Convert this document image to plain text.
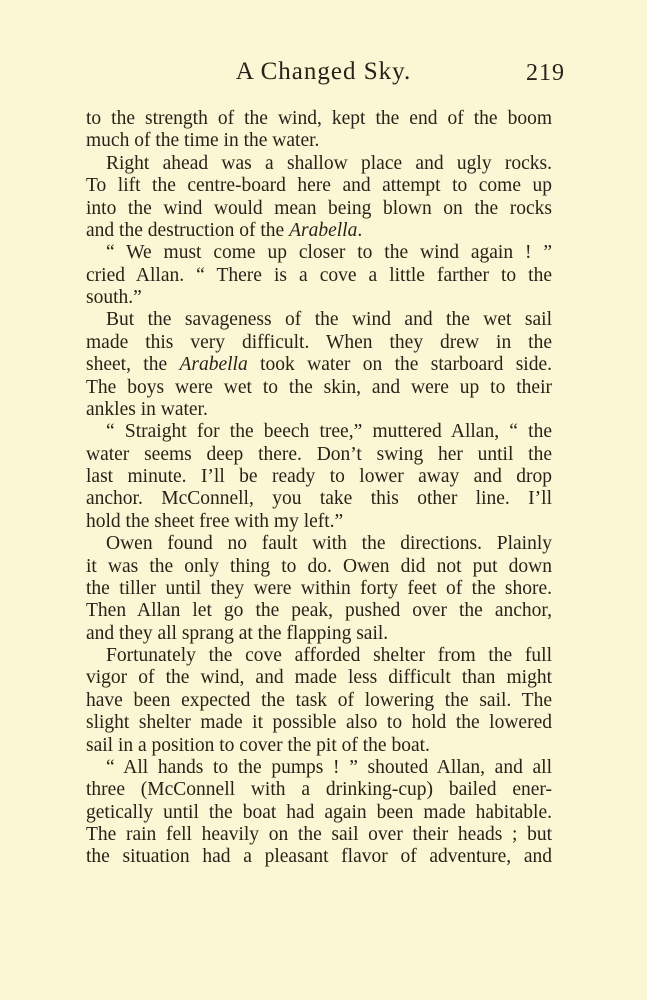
A Changed Sky.	219
to the strength of the wind, kept the end of the boom
much of the time in the water.
Right ahead was a shallow place and ugly rocks.
To lift the centre-board here and attempt to come up
into the wind would mean being blown on the rocks
and the destruction of the Arabella.
“ We must come up closer to the wind again ! ”
cried Allan. “ There is a cove a little farther to the
south.”
But the savageness of the wind and the wet sail
made this very difficult. When they drew in the
sheet, the Arabella took water on the starboard side.
The boys were wet to the skin, and were up to their
ankles in water.
“ Straight for the beech tree,” muttered Allan, “ the
water seems deep there. Don’t swing her until the
last minute. I’ll be ready to lower away and drop
anchor. McConnell, you take this other line. I’ll
hold the sheet free with my left.”
Owen found no fault with the directions. Plainly
it was the only thing to do. Owen did not put down
the tiller until they were within forty feet of the shore.
Then Allan let go the peak, pushed over the anchor,
and they all sprang at the flapping sail.
Fortunately the cove afforded shelter from the full
vigor of the wind, and made less difficult than might
have been expected the task of lowering the sail. The
slight shelter made it possible also to hold the lowered
sail in a position to cover the pit of the boat.
“ All hands to the pumps ! ” shouted Allan, and all
three (McConnell with a drinking-cup) bailed ener-
getically until the boat had again been made habitable.
The rain fell heavily on the sail over their heads ; but
the situation had a pleasant flavor of adventure, and
